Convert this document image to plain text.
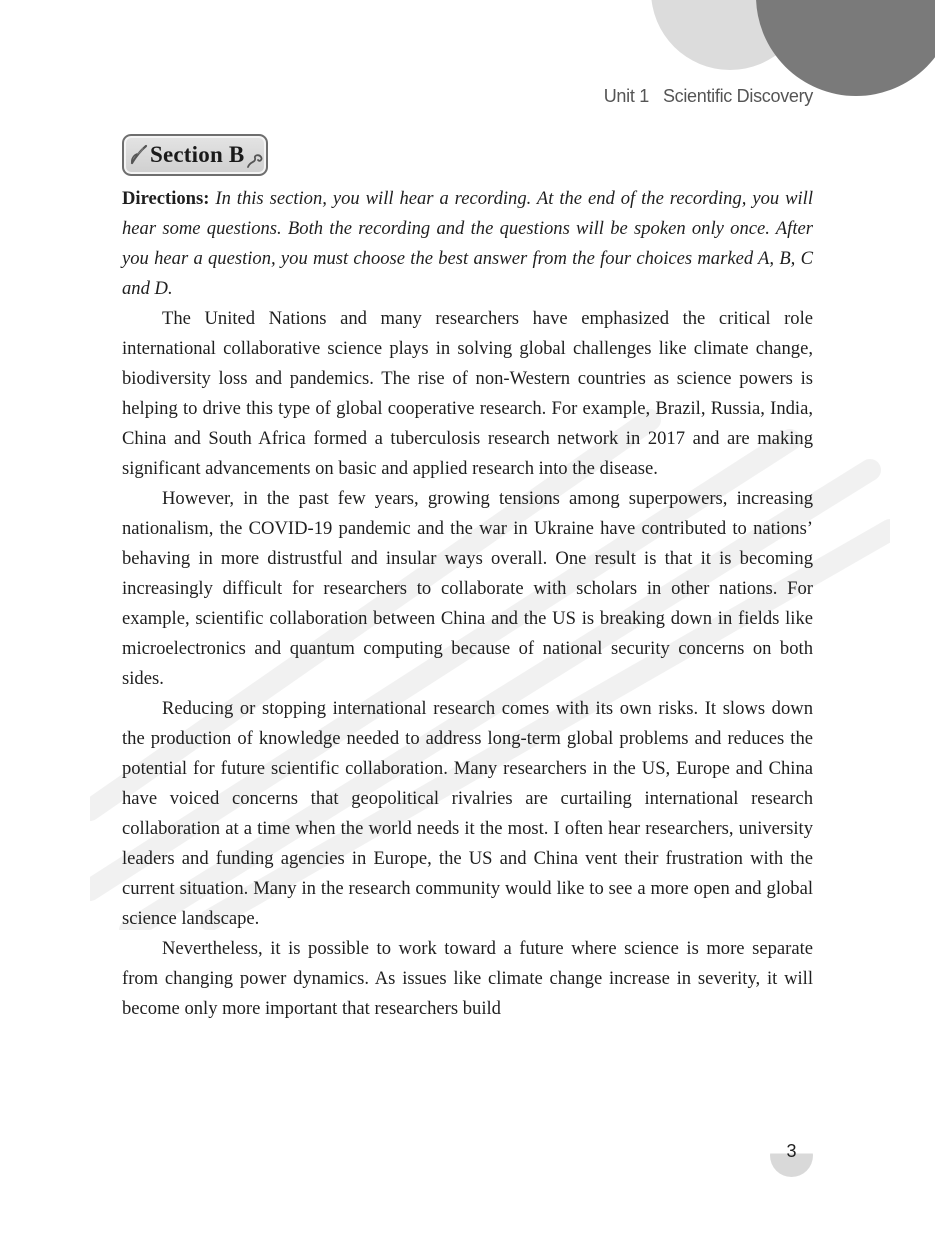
Unit 1 Scientific Discovery
Section B

Directions: In this section, you will hear a recording. At the end of the recording, you will hear some questions. Both the recording and the questions will be spoken only once. After you hear a question, you must choose the best answer from the four choices marked A, B, C and D.

The United Nations and many researchers have emphasized the critical role international collaborative science plays in solving global challenges like climate change, biodiversity loss and pandemics. The rise of non-Western countries as science powers is helping to drive this type of global cooperative research. For example, Brazil, Russia, India, China and South Africa formed a tuberculosis research network in 2017 and are making significant advancements on basic and applied research into the disease.

However, in the past few years, growing tensions among superpowers, increasing nationalism, the COVID-19 pandemic and the war in Ukraine have contributed to nations’ behaving in more distrustful and insular ways overall. One result is that it is becoming increasingly difficult for researchers to collaborate with scholars in other nations. For example, scientific collaboration between China and the US is breaking down in fields like microelectronics and quantum computing because of national security concerns on both sides.

Reducing or stopping international research comes with its own risks. It slows down the production of knowledge needed to address long-term global problems and reduces the potential for future scientific collaboration. Many researchers in the US, Europe and China have voiced concerns that geopolitical rivalries are curtailing international research collaboration at a time when the world needs it the most. I often hear researchers, university leaders and funding agencies in Europe, the US and China vent their frustration with the current situation. Many in the research community would like to see a more open and global science landscape.

Nevertheless, it is possible to work toward a future where science is more separate from changing power dynamics. As issues like climate change increase in severity, it will become only more important that researchers build

3
